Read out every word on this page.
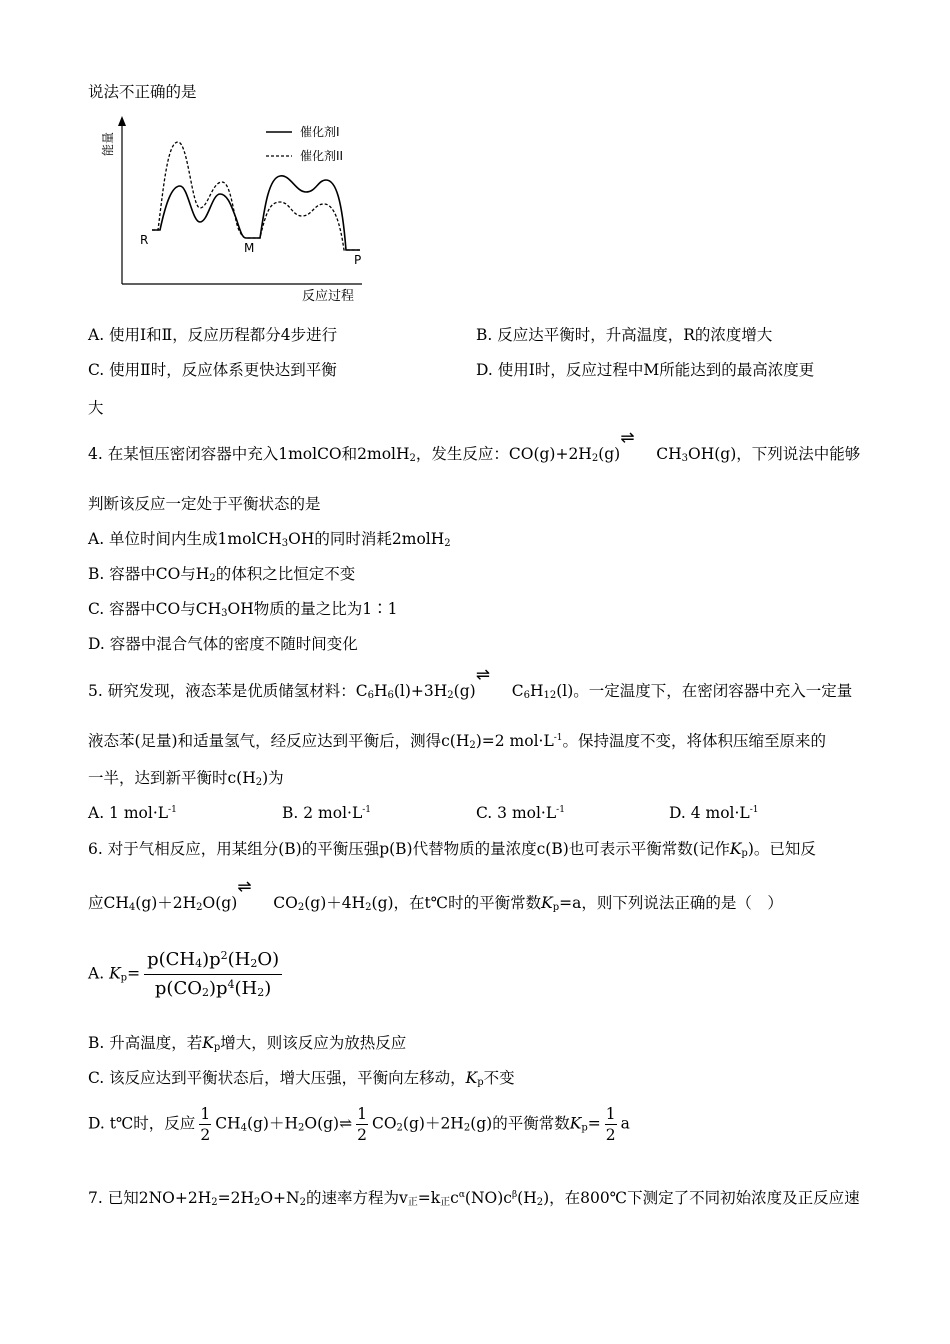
说法不正确的是
能量
反应过程
催化剂I
催化剂II
R
M
P
A. 使用Ⅰ和Ⅱ，反应历程都分4步进行	B. 反应达平衡时，升高温度，R的浓度增大
C. 使用Ⅱ时，反应体系更快达到平衡	D. 使用Ⅰ时，反应过程中M所能达到的最高浓度更
大
4. 在某恒压密闭容器中充入1molCO和2molH$_2$，发生反应：$CO(g)+2H_2(g)$
⇌
$CH_3OH(g)$，下列说法中能够
判断该反应一定处于平衡状态的是
A. 单位时间内生成1molCH$_3$OH的同时消耗2molH$_2$
B. 容器中CO与$H_2$的体积之比恒定不变
C. 容器中CO与$CH_3OH$物质的量之比为1∶1
D. 容器中混合气体的密度不随时间变化
5. 研究发现，液态苯是优质储氢材料：$C_6H_6(l)+3H_2(g)$
⇌
$C_6H_{12}(l)$。一定温度下，在密闭容器中充入一定量
液态苯(足量)和适量氢气，经反应达到平衡后，测得$c(H_2)=2$ $mol\cdot L^{-1}$。保持温度不变，将体积压缩至原来的
一半，达到新平衡时$c(H_2)$为
A. 1 $mol\cdot L^{-1}$	B. 2 $mol\cdot L^{-1}$	C. 3 $mol\cdot L^{-1}$	D. 4 $mol\cdot L^{-1}$
6. 对于气相反应，用某组分(B)的平衡压强p(B)代替物质的量浓度c(B)也可表示平衡常数(记作$K_p$)。已知反
应$CH_4(g)+2H_2O(g)$
⇌
$CO_2(g)+4H_2(g)$，在t℃时的平衡常数$K_p=a$，则下列说法正确的是（　）
A. $K_p= \frac{p(CH_4)p^2(H_2O)}{p(CO_2)p^4(H_2)}$
B. 升高温度，若$K_p$增大，则该反应为放热反应
C. 该反应达到平衡状态后，增大压强，平衡向左移动，$K_p$不变
D. t℃时，反应 $\frac{1}{2}$ $CH_4(g)+H_2O(g)\rightleftharpoons \frac{1}{2} CO_2(g)+2H_2(g)$的平衡常数$K_p= \frac{1}{2}$ a
7. 已知$2NO+2H_2=2H_2O+N_2$的速率方程为$v_正=k_正c^\alpha(NO)c^\beta(H_2)$，在800℃下测定了不同初始浓度及正反应速
